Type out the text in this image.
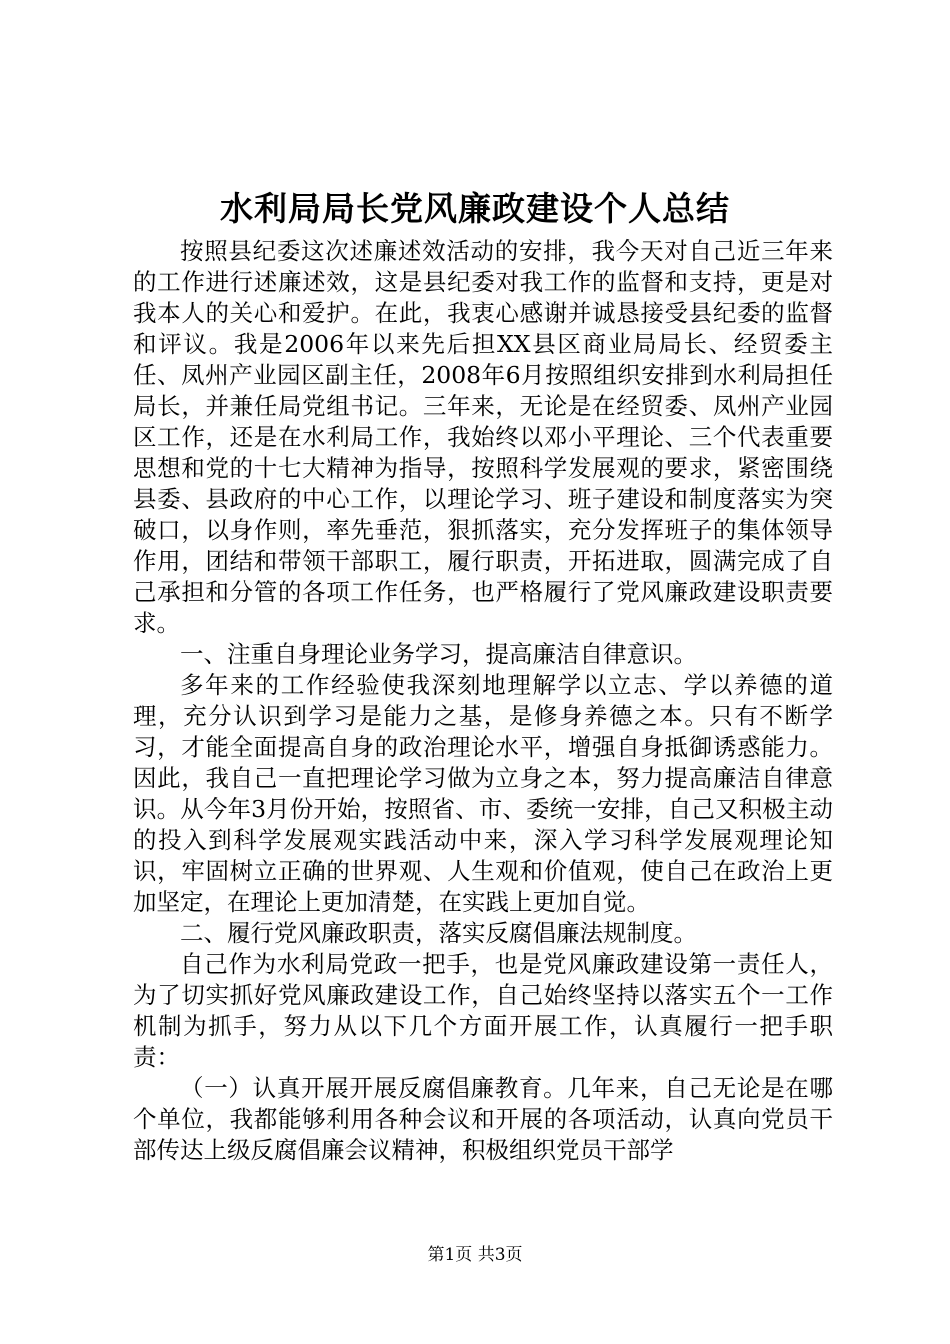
水利局局长党风廉政建设个人总结

按照县纪委这次述廉述效活动的安排，我今天对自己近三年来的工作进行述廉述效，这是县纪委对我工作的监督和支持，更是对我本人的关心和爱护。在此，我衷心感谢并诚恳接受县纪委的监督和评议。我是2006年以来先后担XX县区商业局局长、经贸委主任、凤州产业园区副主任，2008年6月按照组织安排到水利局担任局长，并兼任局党组书记。三年来，无论是在经贸委、凤州产业园区工作，还是在水利局工作，我始终以邓小平理论、三个代表重要思想和党的十七大精神为指导，按照科学发展观的要求，紧密围绕县委、县政府的中心工作，以理论学习、班子建设和制度落实为突破口，以身作则，率先垂范，狠抓落实，充分发挥班子的集体领导作用，团结和带领干部职工，履行职责，开拓进取，圆满完成了自己承担和分管的各项工作任务，也严格履行了党风廉政建设职责要求。

一、注重自身理论业务学习，提高廉洁自律意识。

多年来的工作经验使我深刻地理解学以立志、学以养德的道理，充分认识到学习是能力之基，是修身养德之本。只有不断学习，才能全面提高自身的政治理论水平，增强自身抵御诱惑能力。因此，我自己一直把理论学习做为立身之本，努力提高廉洁自律意识。从今年3月份开始，按照省、市、委统一安排，自己又积极主动的投入到科学发展观实践活动中来，深入学习科学发展观理论知识，牢固树立正确的世界观、人生观和价值观，使自己在政治上更加坚定，在理论上更加清楚，在实践上更加自觉。

二、履行党风廉政职责，落实反腐倡廉法规制度。

自己作为水利局党政一把手，也是党风廉政建设第一责任人，为了切实抓好党风廉政建设工作，自己始终坚持以落实五个一工作机制为抓手，努力从以下几个方面开展工作，认真履行一把手职责：

（一）认真开展开展反腐倡廉教育。几年来，自己无论是在哪个单位，我都能够利用各种会议和开展的各项活动，认真向党员干部传达上级反腐倡廉会议精神，积极组织党员干部学

第1页 共3页
